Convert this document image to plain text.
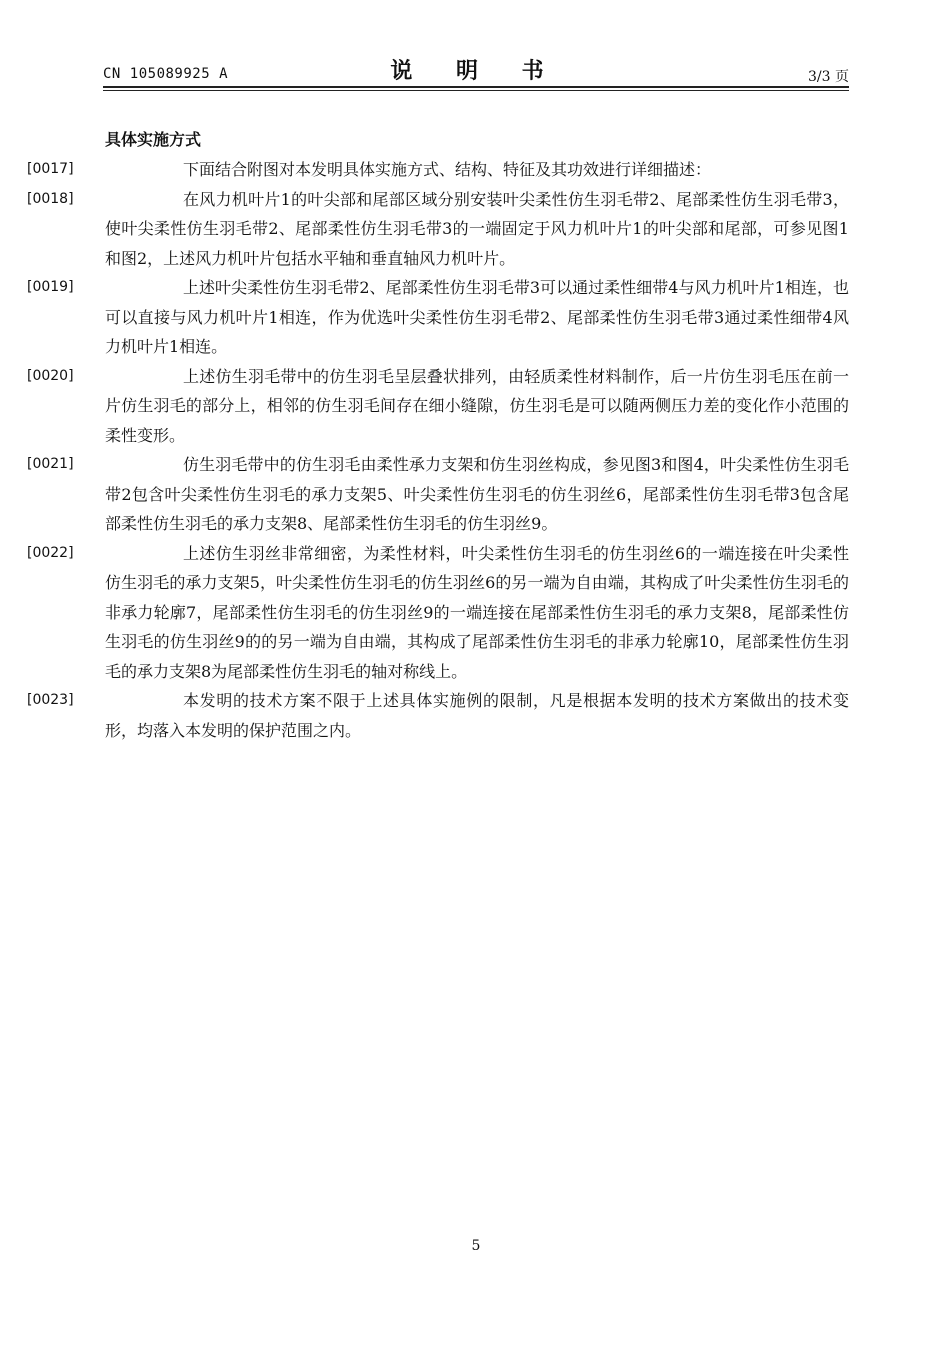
CN 105089925 A	说 明 书	3/3 页
具体实施方式

[0017]	下面结合附图对本发明具体实施方式、结构、特征及其功效进行详细描述：

[0018]	在风力机叶片1的叶尖部和尾部区域分别安装叶尖柔性仿生羽毛带2、尾部柔性仿生羽毛带3，使叶尖柔性仿生羽毛带2、尾部柔性仿生羽毛带3的一端固定于风力机叶片1的叶尖部和尾部，可参见图1和图2，上述风力机叶片包括水平轴和垂直轴风力机叶片。

[0019]	上述叶尖柔性仿生羽毛带2、尾部柔性仿生羽毛带3可以通过柔性细带4与风力机叶片1相连，也可以直接与风力机叶片1相连，作为优选叶尖柔性仿生羽毛带2、尾部柔性仿生羽毛带3通过柔性细带4风力机叶片1相连。

[0020]	上述仿生羽毛带中的仿生羽毛呈层叠状排列，由轻质柔性材料制作，后一片仿生羽毛压在前一片仿生羽毛的部分上，相邻的仿生羽毛间存在细小缝隙，仿生羽毛是可以随两侧压力差的变化作小范围的柔性变形。

[0021]	仿生羽毛带中的仿生羽毛由柔性承力支架和仿生羽丝构成，参见图3和图4，叶尖柔性仿生羽毛带2包含叶尖柔性仿生羽毛的承力支架5、叶尖柔性仿生羽毛的仿生羽丝6，尾部柔性仿生羽毛带3包含尾部柔性仿生羽毛的承力支架8、尾部柔性仿生羽毛的仿生羽丝9。

[0022]	上述仿生羽丝非常细密，为柔性材料，叶尖柔性仿生羽毛的仿生羽丝6的一端连接在叶尖柔性仿生羽毛的承力支架5，叶尖柔性仿生羽毛的仿生羽丝6的另一端为自由端，其构成了叶尖柔性仿生羽毛的非承力轮廓7，尾部柔性仿生羽毛的仿生羽丝9的一端连接在尾部柔性仿生羽毛的承力支架8，尾部柔性仿生羽毛的仿生羽丝9的的另一端为自由端，其构成了尾部柔性仿生羽毛的非承力轮廓10，尾部柔性仿生羽毛的承力支架8为尾部柔性仿生羽毛的轴对称线上。

[0023]	本发明的技术方案不限于上述具体实施例的限制，凡是根据本发明的技术方案做出的技术变形，均落入本发明的保护范围之内。

5
